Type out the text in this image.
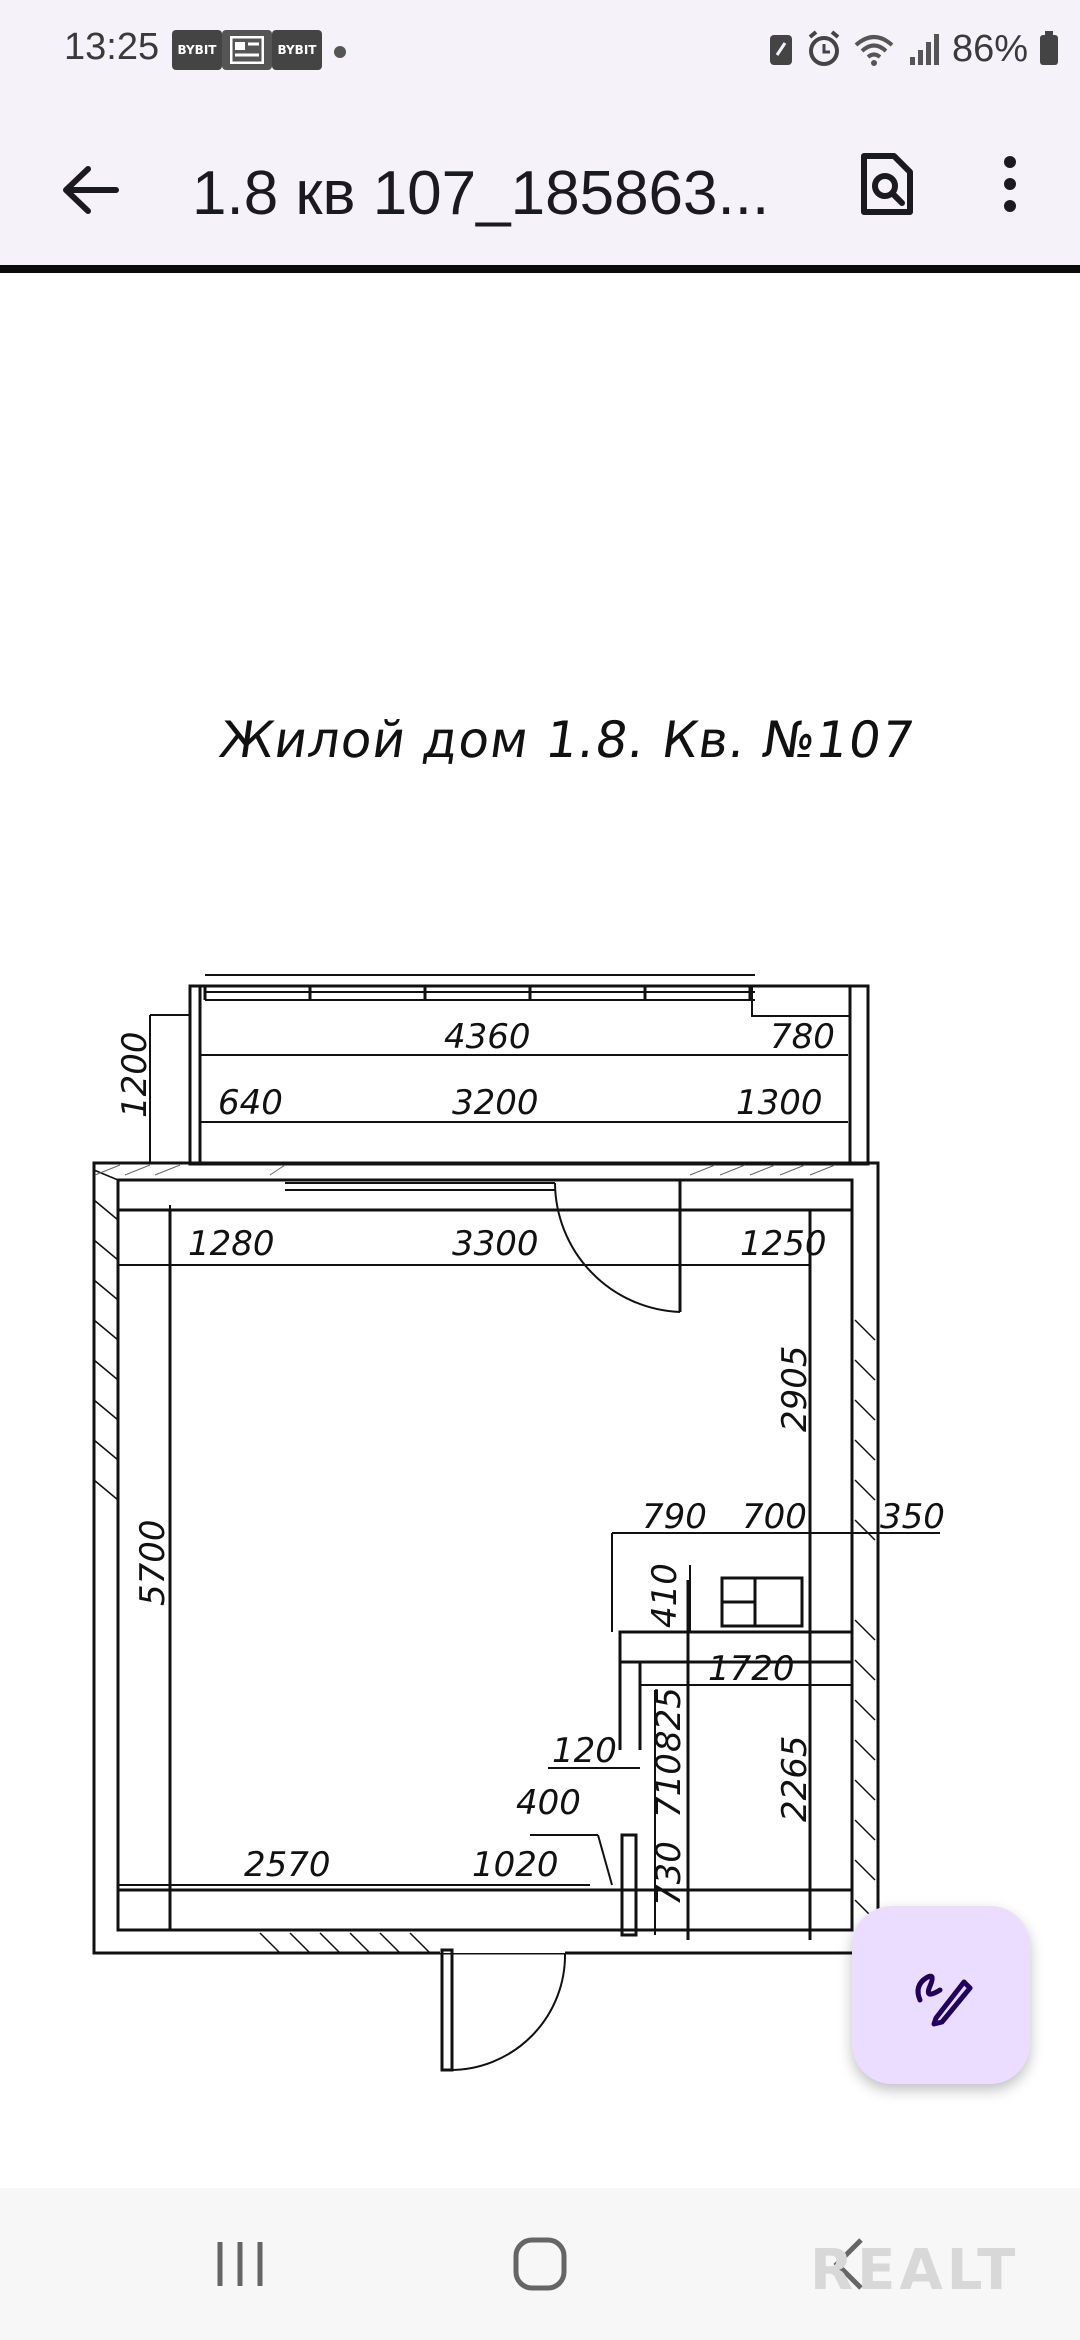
13:25	BYBIT	BYBIT	86%
1.8 кв 107_185863...
Жилой дом 1.8. Кв. №107
4360	780
1200 640	3200	1300
1280	3300	1250
2905
5700
790 700 350
410
1720
825
120
710	2265
400
2570	1020	730
REALT
